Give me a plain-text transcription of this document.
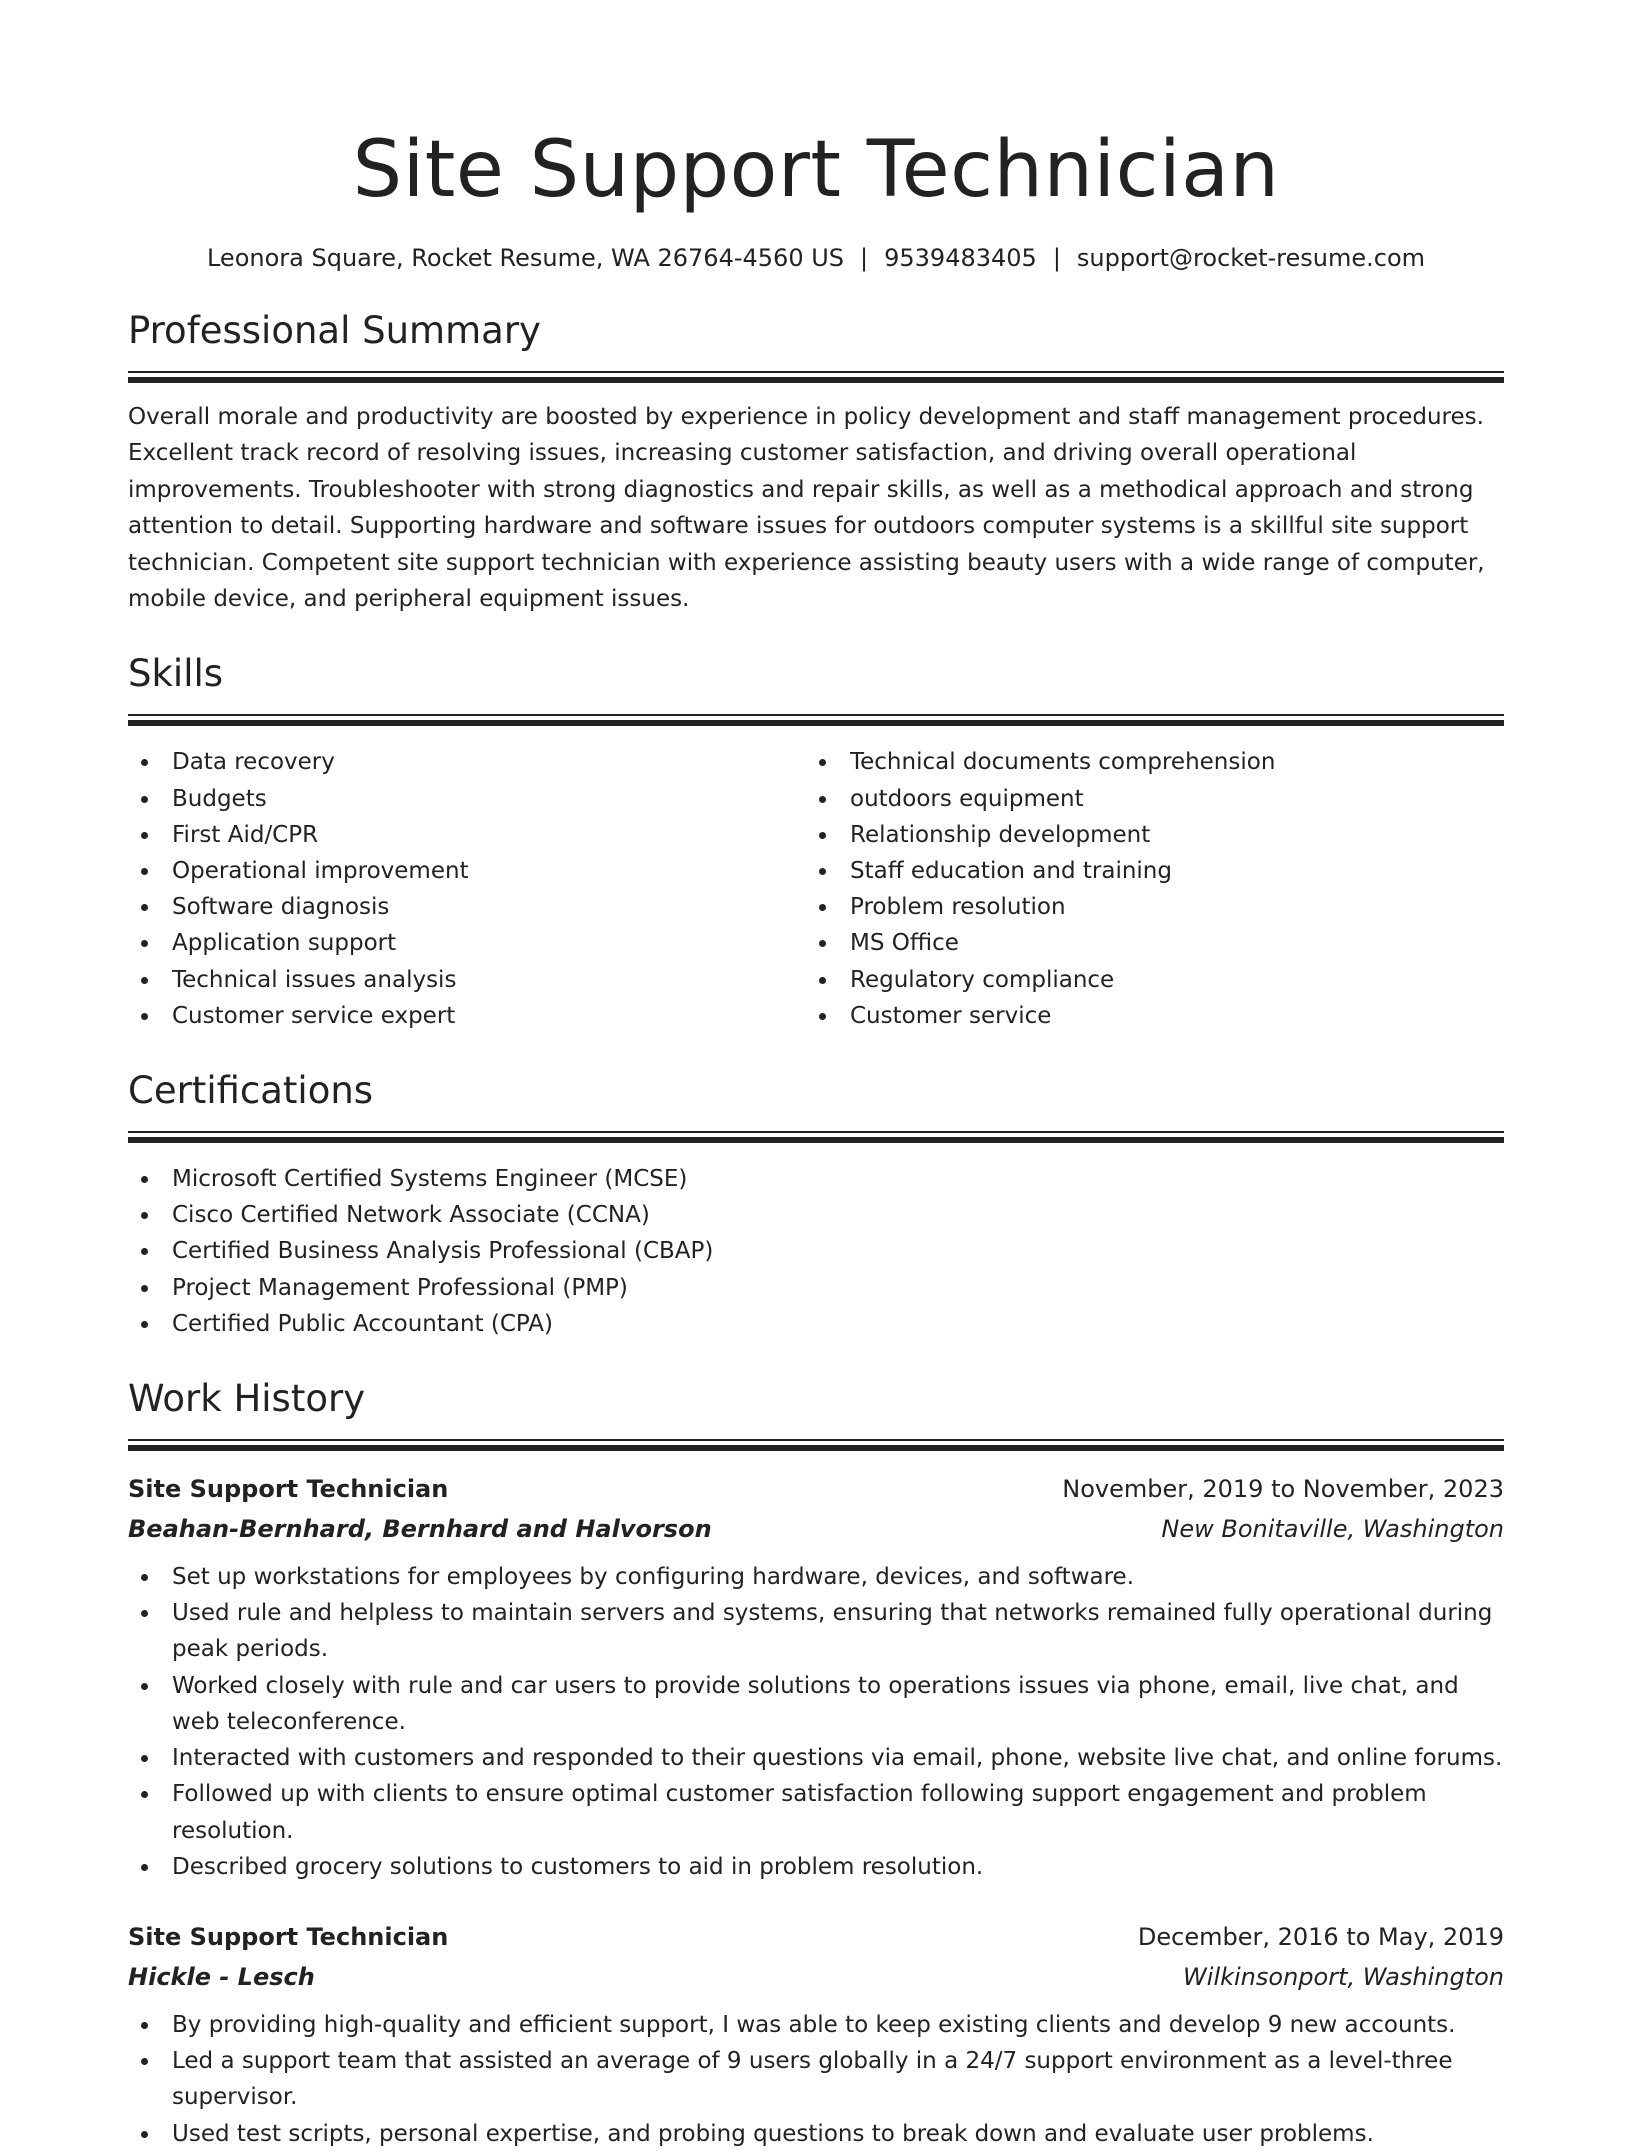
Site Support Technician
Leonora Square, Rocket Resume, WA 26764-4560 US | 9539483405 | support@rocket-resume.com
Professional Summary

Overall morale and productivity are boosted by experience in policy development and staff management procedures. Excellent track record of resolving issues, increasing customer satisfaction, and driving overall operational improvements. Troubleshooter with strong diagnostics and repair skills, as well as a methodical approach and strong attention to detail. Supporting hardware and software issues for outdoors computer systems is a skillful site support technician. Competent site support technician with experience assisting beauty users with a wide range of computer, mobile device, and peripheral equipment issues.

Skills
Data recovery
Budgets
First Aid/CPR
Operational improvement
Software diagnosis
Application support
Technical issues analysis
Customer service expert
Technical documents comprehension
outdoors equipment
Relationship development
Staff education and training
Problem resolution
MS Office
Regulatory compliance
Customer service
Certifications
Microsoft Certified Systems Engineer (MCSE)
Cisco Certified Network Associate (CCNA)
Certified Business Analysis Professional (CBAP)
Project Management Professional (PMP)
Certified Public Accountant (CPA)
Work History
Site Support Technician	November, 2019 to November, 2023
Beahan-Bernhard, Bernhard and Halvorson	New Bonitaville, Washington
Set up workstations for employees by configuring hardware, devices, and software.
Used rule and helpless to maintain servers and systems, ensuring that networks remained fully operational during peak periods.
Worked closely with rule and car users to provide solutions to operations issues via phone, email, live chat, and web teleconference.
Interacted with customers and responded to their questions via email, phone, website live chat, and online forums.
Followed up with clients to ensure optimal customer satisfaction following support engagement and problem resolution.
Described grocery solutions to customers to aid in problem resolution.
Site Support Technician	December, 2016 to May, 2019
Hickle - Lesch	Wilkinsonport, Washington
By providing high-quality and efficient support, I was able to keep existing clients and develop 9 new accounts.
Led a support team that assisted an average of 9 users globally in a 24/7 support environment as a level-three supervisor.
Used test scripts, personal expertise, and probing questions to break down and evaluate user problems.
